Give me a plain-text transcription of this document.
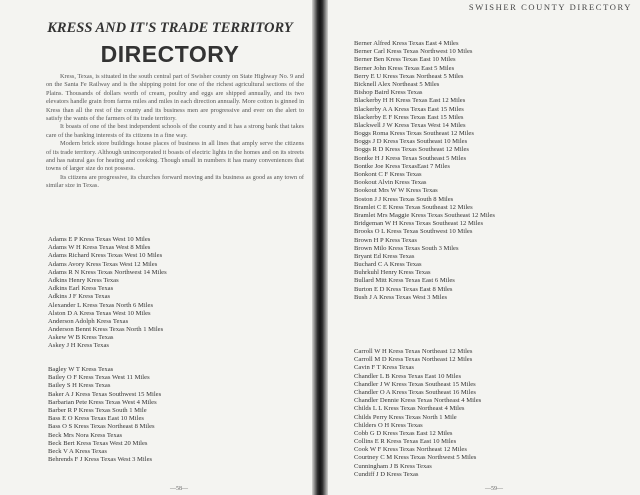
KRESS AND IT'S TRADE TERRITORY
DIRECTORY

Kress, Texas, is situated in the south central part of Swisher county on State Highway No. 9 and on the Santa Fe Railway and is the shipping point for one of the richest agricultural sections of the Plains. Thousands of dollars worth of cream, poultry and eggs are shipped annually, and its two elevators handle grain from farms miles and miles in each direction annually. More cotton is ginned in Kress than all the rest of the county and its business men are progressive and ever on the alert to satisfy the wants of the farmers of its trade territory.

It boasts of one of the best independent schools of the county and it has a strong bank that takes care of the banking interests of its citizens in a fine way.

Modern brick store buildings house places of business in all lines that amply serve the citizens of its trade territory. Although unincorporated it boasts of electric lights in the homes and on its streets and has natural gas for heating and cooking. Though small in numbers it has many conveniences that towns of larger size do not possess.

Its citizens are progressive, its churches forward moving and its business as good as any town of similar size in Texas.

Adams E P Kress Texas West 10 Miles
Adams W H Kress Texas West 8 Miles
Adams Richard Kress Texas West 10 Miles
Adams Avory Kress Texas West 12 Miles
Adams R N Kress Texas Northwest 14 Miles
Adkins Henry Kress Texas
Adkins Earl Kress Texas
Adkins J F Kress Texas
Alexander L Kress Texas North 6 Miles
Alston D A Kress Texas West 10 Miles
Anderson Adolph Kress Texas
Anderson Bennt Kress Texas North 1 Miles
Askew W B Kress Texas
Askey J H Kress Texas
Bagley W T Kress Texas
Bailey O F Kress Texas West 11 Miles
Bailey S H Kress Texas
Baker A J Kress Texas Southwest 15 Miles
Barbarian Pete Kress Texas West 4 Miles
Barber R P Kress Texas South 1 Mile
Bass E O Kress Texas East 10 Miles
Bass O S Kress Texas Northeast 8 Miles
Beck Mrs Nora Kress Texas
Beck Bert Kress Texas West 20 Miles
Beck V A Kress Texas
Behrends F J Kress Texas West 3 Miles
—58—
SWISHER COUNTY DIRECTORY
Berner Alfred Kress Texas East 4 Miles
Berner Carl Kress Texas Northwest 10 Miles
Berner Ben Kress Texas East 10 Miles
Berner John Kress Texas East 5 Miles
Berry E U Kress Texas Northeast 5 Miles
Bicknell Alex Northeast 5 Miles
Bishop Baird Kress Texas
Blackerby H H Kress Texas East 12 Miles
Blackerby A A Kress Texas East 15 Miles
Blackerby E F Kress Texas East 15 Miles
Blackwell J W Kress Texas West 14 Miles
Boggs Roma Kress Texas Southeast 12 Miles
Boggs J D Kress Texas Southeast 10 Miles
Boggs R D Kress Texas Southeast 12 Miles
Bontke H J Kress Texas Southeast 5 Miles
Bontke Joe Kress TexasEast 7 Miles
Bonkont C F Kress Texas
Bookout Alvin Kress Texas
Bookout Mrs W W Kress Texas
Boston J J Kress Texas South 8 Miles
Bramlet C E Kress Texas Southeast 12 Miles
Bramlet Mrs Maggie Kress Texas Southeast 12 Miles
Bridgeman W H Kress Texas Southeast 12 Miles
Brooks O L Kress Texas Southwest 10 Miles
Brown H P Kress Texas
Brown Milo Kress Texas South 3 Miles
Bryant Ed Kress Texas
Buchard C A Kress Texas
Buhrkuhl Henry Kress Texas
Bullard Mitt Kress Texas East 6 Miles
Burton E D Kress Texas East 8 Miles
Bush J A Kress Texas West 3 Miles
Carroll W H Kress Texas Northeast 12 Miles
Carroll M D Kress Texas Northeast 12 Miles
Cavin F T Kress Texas
Chandler L B Kress Texas East 10 Miles
Chandler J W Kress Texas Southeast 15 Miles
Chandler O A Kress Texas Southeast 16 Miles
Chandler Dennie Kress Texas Northeast 4 Miles
Childs L L Kress Texas Northeast 4 Miles
Childs Perry Kress Texas North 1 Mile
Childers O H Kress Texas
Cobb G D Kress Texas East 12 Miles
Collins E R Kress Texas East 10 Miles
Cook W F Kress Texas Northeast 12 Miles
Courtney C M Kress Texas Northwest 5 Miles
Cunningham J B Kress Texas
Cundiff J D Kress Texas
—59—
